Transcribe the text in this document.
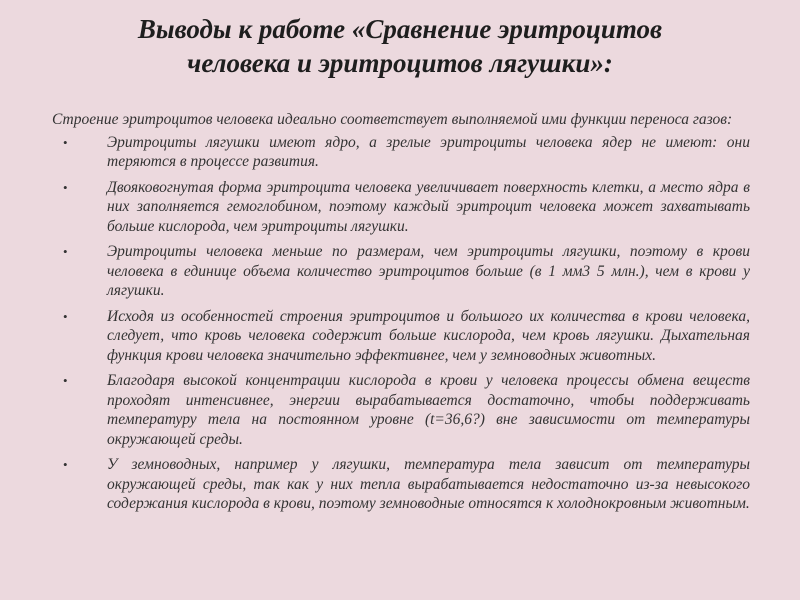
Выводы к работе «Сравнение эритроцитов
человека и эритроцитов лягушки»:

Строение эритроцитов человека идеально соответствует выполняемой ими функции переноса газов:

• Эритроциты лягушки имеют ядро, а зрелые эритроциты человека ядер не имеют: они теряются в процессе развития.
• Двояковогнутая форма эритроцита человека увеличивает поверхность клетки, а место ядра в них заполняется гемоглобином, поэтому каждый эритроцит человека может захватывать больше кислорода, чем эритроциты лягушки.
• Эритроциты человека меньше по размерам, чем эритроциты лягушки, поэтому в крови человека в единице объема количество эритроцитов больше (в 1 мм3 5 млн.), чем в крови у лягушки.
• Исходя из особенностей строения эритроцитов и большого их количества в крови человека, следует, что кровь человека содержит больше кислорода, чем кровь лягушки. Дыхательная функция крови человека значительно эффективнее, чем у земноводных животных.
• Благодаря высокой концентрации кислорода в крови у человека процессы обмена веществ проходят интенсивнее, энергии вырабатывается достаточно, чтобы поддерживать температуру тела на постоянном уровне (t=36,6?) вне зависимости от температуры окружающей среды.
• У земноводных, например у лягушки, температура тела зависит от температуры окружающей среды, так как у них тепла вырабатывается недостаточно из-за невысокого содержания кислорода в крови, поэтому земноводные относятся к холоднокровным животным.
